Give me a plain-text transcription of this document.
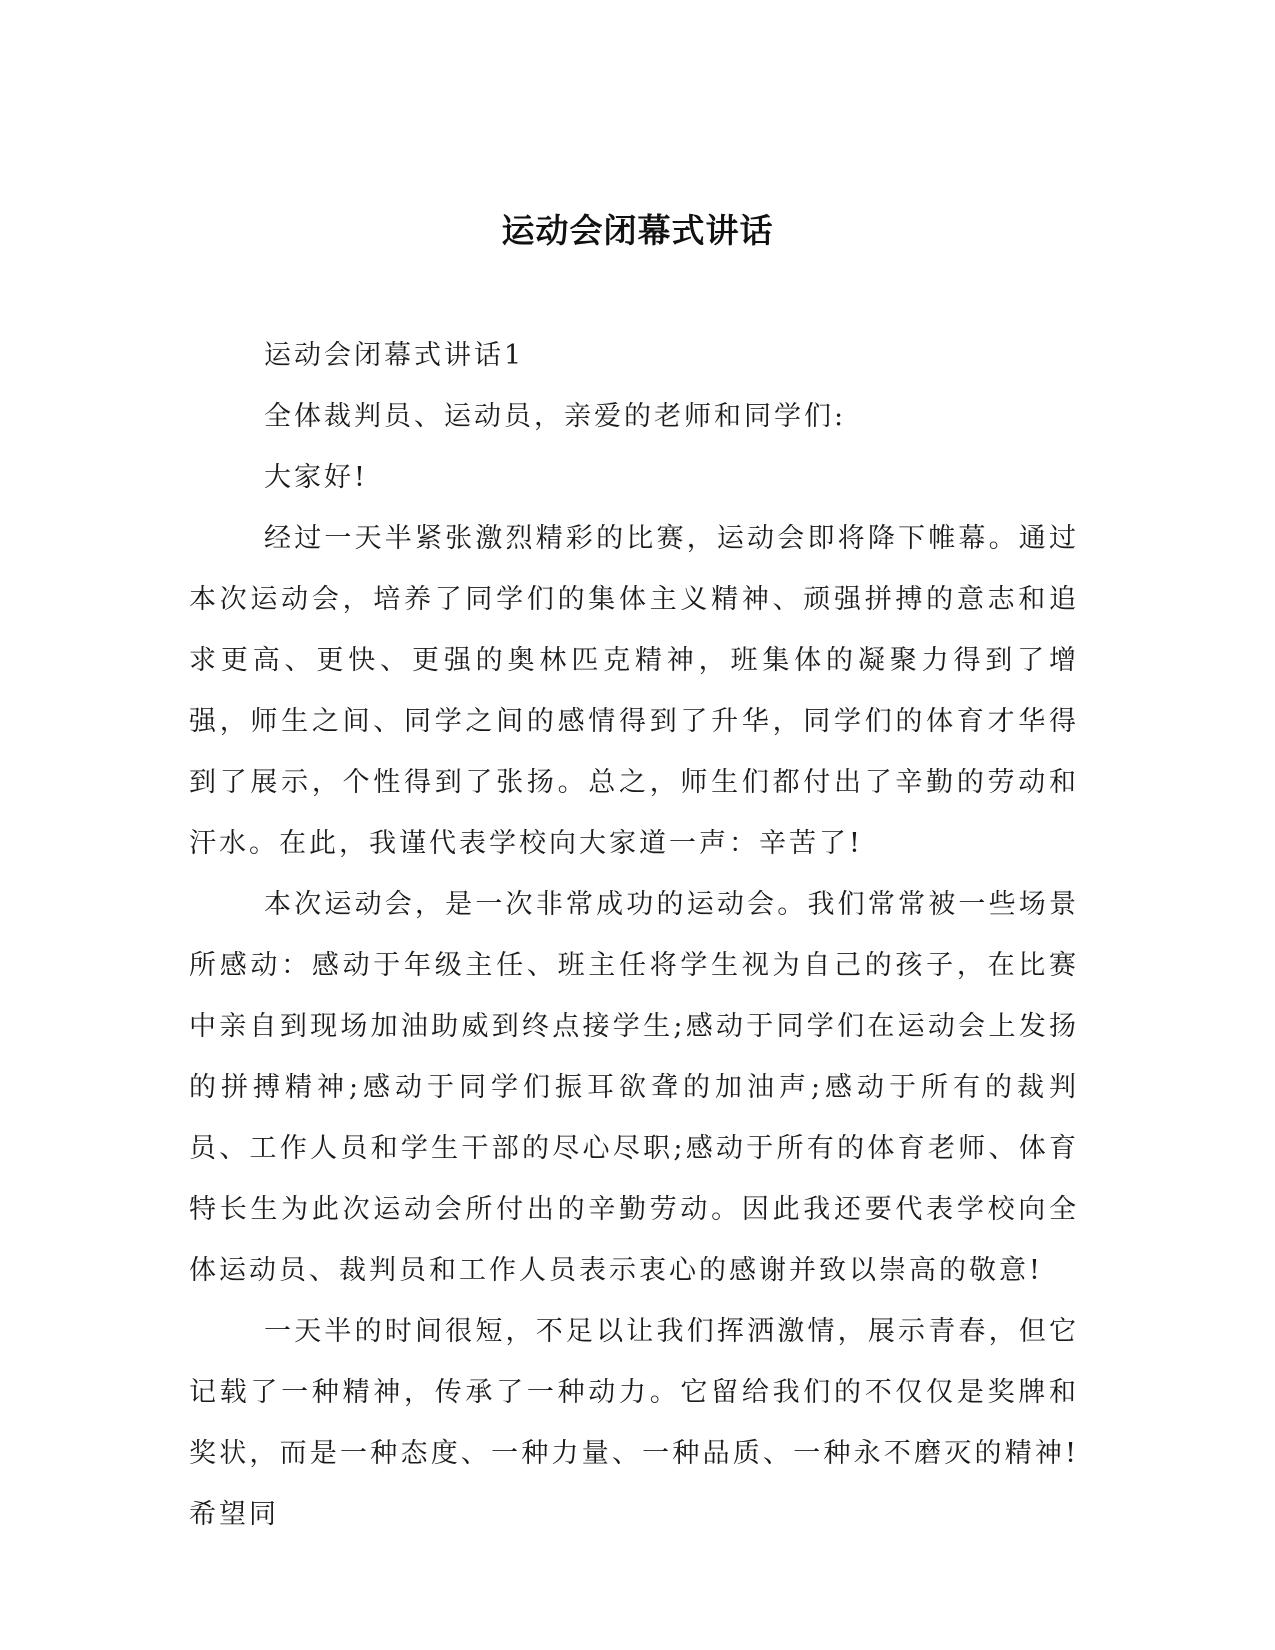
运动会闭幕式讲话

运动会闭幕式讲话1

全体裁判员、运动员，亲爱的老师和同学们:

大家好!

经过一天半紧张激烈精彩的比赛，运动会即将降下帷幕。通过本次运动会，培养了同学们的集体主义精神、顽强拼搏的意志和追求更高、更快、更强的奥林匹克精神，班集体的凝聚力得到了增强，师生之间、同学之间的感情得到了升华，同学们的体育才华得到了展示，个性得到了张扬。总之，师生们都付出了辛勤的劳动和汗水。在此，我谨代表学校向大家道一声：辛苦了!

本次运动会，是一次非常成功的运动会。我们常常被一些场景所感动：感动于年级主任、班主任将学生视为自己的孩子，在比赛中亲自到现场加油助威到终点接学生;感动于同学们在运动会上发扬的拼搏精神;感动于同学们振耳欲聋的加油声;感动于所有的裁判员、工作人员和学生干部的尽心尽职;感动于所有的体育老师、体育特长生为此次运动会所付出的辛勤劳动。因此我还要代表学校向全体运动员、裁判员和工作人员表示衷心的感谢并致以崇高的敬意!

一天半的时间很短，不足以让我们挥洒激情，展示青春，但它记载了一种精神，传承了一种动力。它留给我们的不仅仅是奖牌和奖状，而是一种态度、一种力量、一种品质、一种永不磨灭的精神!希望同
